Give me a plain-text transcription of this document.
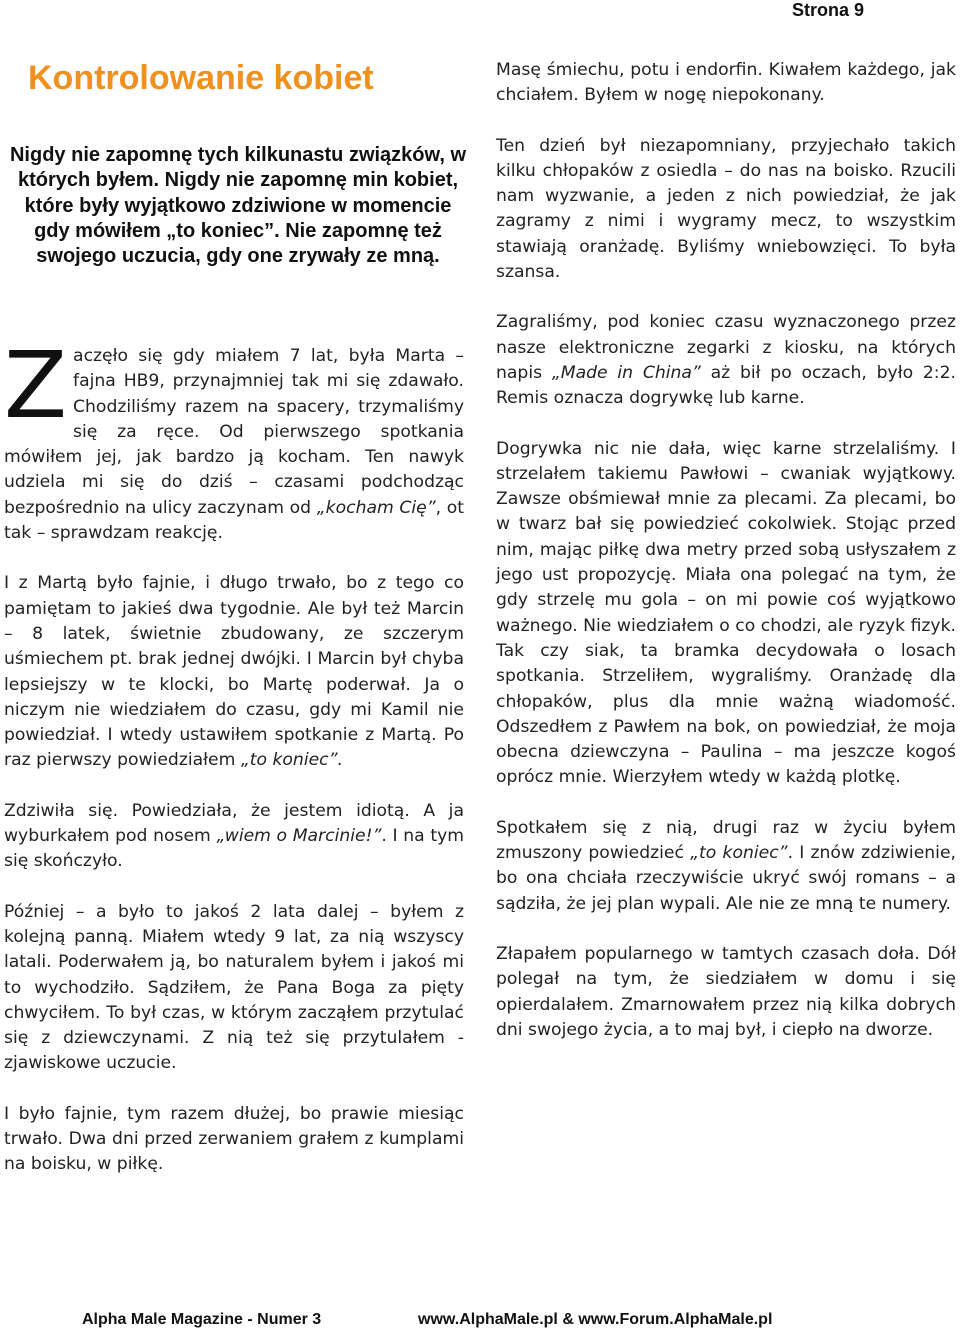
Strona 9
Kontrolowanie kobiet

Nigdy nie zapomnę tych kilkunastu związków, w których byłem. Nigdy nie zapomnę min kobiet, które były wyjątkowo zdziwione w momencie gdy mówiłem „to koniec”. Nie zapomnę też swojego uczucia, gdy one zrywały ze mną.

Zaczęło się gdy miałem 7 lat, była Marta – fajna HB9, przynajmniej tak mi się zdawało. Chodziliśmy razem na spacery, trzymaliśmy się za ręce. Od pierwszego spotkania mówiłem jej, jak bardzo ją kocham. Ten nawyk udziela mi się do dziś – czasami podchodząc bezpośrednio na ulicy zaczynam od „kocham Cię”, ot tak – sprawdzam reakcję.

I z Martą było fajnie, i długo trwało, bo z tego co pamiętam to jakieś dwa tygodnie. Ale był też Marcin – 8 latek, świetnie zbudowany, ze szczerym uśmiechem pt. brak jednej dwójki. I Marcin był chyba lepsiejszy w te klocki, bo Martę poderwał. Ja o niczym nie wiedziałem do czasu, gdy mi Kamil nie powiedział. I wtedy ustawiłem spotkanie z Martą. Po raz pierwszy powiedziałem „to koniec”.

Zdziwiła się. Powiedziała, że jestem idiotą. A ja wyburkałem pod nosem „wiem o Marcinie!”. I na tym się skończyło.

Później – a było to jakoś 2 lata dalej – byłem z kolejną panną. Miałem wtedy 9 lat, za nią wszyscy latali. Poderwałem ją, bo naturalem byłem i jakoś mi to wychodziło. Sądziłem, że Pana Boga za pięty chwyciłem. To był czas, w którym zacząłem przytulać się z dziewczynami. Z nią też się przytulałem - zjawiskowe uczucie.

I było fajnie, tym razem dłużej, bo prawie miesiąc trwało. Dwa dni przed zerwaniem grałem z kumplami na boisku, w piłkę.

Masę śmiechu, potu i endorfin. Kiwałem każdego, jak chciałem. Byłem w nogę niepokonany.

Ten dzień był niezapomniany, przyjechało takich kilku chłopaków z osiedla – do nas na boisko. Rzucili nam wyzwanie, a jeden z nich powiedział, że jak zagramy z nimi i wygramy mecz, to wszystkim stawiają oranżadę. Byliśmy wniebowzięci. To była szansa.

Zagraliśmy, pod koniec czasu wyznaczonego przez nasze elektroniczne zegarki z kiosku, na których napis „Made in China” aż bił po oczach, było 2:2. Remis oznacza dogrywkę lub karne.

Dogrywka nic nie dała, więc karne strzelaliśmy. I strzelałem takiemu Pawłowi – cwaniak wyjątkowy. Zawsze obśmiewał mnie za plecami. Za plecami, bo w twarz bał się powiedzieć cokolwiek. Stojąc przed nim, mając piłkę dwa metry przed sobą usłyszałem z jego ust propozycję. Miała ona polegać na tym, że gdy strzelę mu gola – on mi powie coś wyjątkowo ważnego. Nie wiedziałem o co chodzi, ale ryzyk fizyk. Tak czy siak, ta bramka decydowała o losach spotkania. Strzeliłem, wygraliśmy. Oranżadę dla chłopaków, plus dla mnie ważną wiadomość. Odszedłem z Pawłem na bok, on powiedział, że moja obecna dziewczyna – Paulina – ma jeszcze kogoś oprócz mnie. Wierzyłem wtedy w każdą plotkę.

Spotkałem się z nią, drugi raz w życiu byłem zmuszony powiedzieć „to koniec”. I znów zdziwienie, bo ona chciała rzeczywiście ukryć swój romans – a sądziła, że jej plan wypali. Ale nie ze mną te numery.

Złapałem popularnego w tamtych czasach doła. Dół polegał na tym, że siedziałem w domu i się opierdalałem. Zmarnowałem przez nią kilka dobrych dni swojego życia, a to maj był, i ciepło na dworze.

Alpha Male Magazine - Numer 3	www.AlphaMale.pl & www.Forum.AlphaMale.pl
